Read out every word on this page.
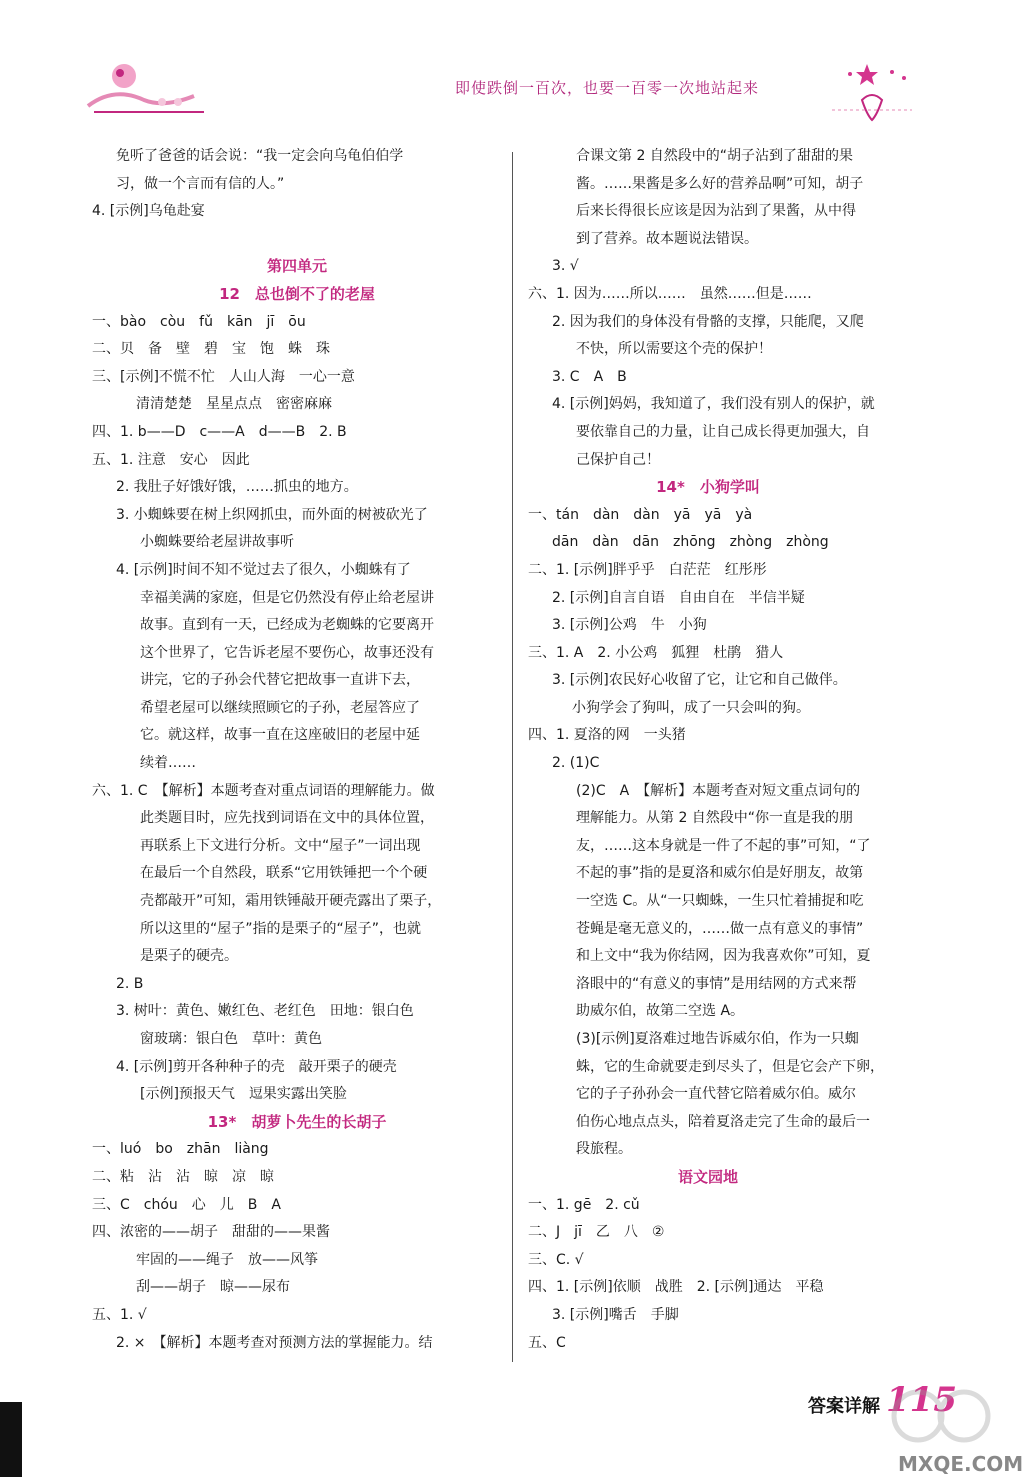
即使跌倒一百次，也要一百零一次地站起来
免听了爸爸的话会说：“我一定会向乌龟伯伯学
习，做一个言而有信的人。”
4. [示例]乌龟赴宴
第四单元
12　总也倒不了的老屋
一、bào　còu　fǔ　kān　jī　ōu
二、贝　备　壁　碧　宝　饱　蛛　珠
三、[示例]不慌不忙　人山人海　一心一意
清清楚楚　星星点点　密密麻麻
四、1. b——D　c——A　d——B　2. B
五、1. 注意　安心　因此
2. 我肚子好饿好饿，……抓虫的地方。
3. 小蜘蛛要在树上织网抓虫，而外面的树被砍光了
小蜘蛛要给老屋讲故事听
4. [示例]时间不知不觉过去了很久，小蜘蛛有了
幸福美满的家庭，但是它仍然没有停止给老屋讲
故事。直到有一天，已经成为老蜘蛛的它要离开
这个世界了，它告诉老屋不要伤心，故事还没有
讲完，它的子孙会代替它把故事一直讲下去，
希望老屋可以继续照顾它的子孙，老屋答应了
它。就这样，故事一直在这座破旧的老屋中延
续着……
六、1. C　【解析】本题考查对重点词语的理解能力。做
此类题目时，应先找到词语在文中的具体位置，
再联系上下文进行分析。文中“屋子”一词出现
在最后一个自然段，联系“它用铁锤把一个个硬
壳都敲开”可知，霜用铁锤敲开硬壳露出了栗子，
所以这里的“屋子”指的是栗子的“屋子”，也就
是栗子的硬壳。
2. B
3. 树叶：黄色、嫩红色、老红色　田地：银白色
窗玻璃：银白色　草叶：黄色
4. [示例]剪开各种种子的壳　敲开栗子的硬壳
[示例]预报天气　逗果实露出笑脸
13*　胡萝卜先生的长胡子
一、luó　bo　zhān　liàng
二、粘　沾　沾　晾　凉　晾
三、C　chóu　心　儿　B　A
四、浓密的——胡子　甜甜的——果酱
牢固的——绳子　放——风筝
刮——胡子　晾——尿布
五、1. √
2. ×　【解析】本题考查对预测方法的掌握能力。结
合课文第 2 自然段中的“胡子沾到了甜甜的果
酱。……果酱是多么好的营养品啊”可知，胡子
后来长得很长应该是因为沾到了果酱，从中得
到了营养。故本题说法错误。
3. √
六、1. 因为……所以……　虽然……但是……
2. 因为我们的身体没有骨骼的支撑，只能爬，又爬
不快，所以需要这个壳的保护！
3. C　A　B
4. [示例]妈妈，我知道了，我们没有别人的保护，就
要依靠自己的力量，让自己成长得更加强大，自
己保护自己！
14*　小狗学叫
一、tán　dàn　dàn　yā　yā　yà
dān　dàn　dān　zhōng　zhòng　zhòng
二、1. [示例]胖乎乎　白茫茫　红彤彤
2. [示例]自言自语　自由自在　半信半疑
3. [示例]公鸡　牛　小狗
三、1. A　2. 小公鸡　狐狸　杜鹃　猎人
3. [示例]农民好心收留了它，让它和自己做伴。
小狗学会了狗叫，成了一只会叫的狗。
四、1. 夏洛的网　一头猪
2. (1)C
(2)C　A　【解析】本题考查对短文重点词句的
理解能力。从第 2 自然段中“你一直是我的朋
友，……这本身就是一件了不起的事”可知，“了
不起的事”指的是夏洛和威尔伯是好朋友，故第
一空选 C。从“一只蜘蛛，一生只忙着捕捉和吃
苍蝇是毫无意义的，……做一点有意义的事情”
和上文中“我为你结网，因为我喜欢你”可知，夏
洛眼中的“有意义的事情”是用结网的方式来帮
助威尔伯，故第二空选 A。
(3)[示例]夏洛难过地告诉威尔伯，作为一只蜘
蛛，它的生命就要走到尽头了，但是它会产下卵，
它的子子孙孙会一直代替它陪着威尔伯。威尔
伯伤心地点点头，陪着夏洛走完了生命的最后一
段旅程。
语文园地
一、1. gē　2. cǔ
二、J　jī　乙　八　②
三、C. √
四、1. [示例]依顺　战胜　2. [示例]通达　平稳
3. [示例]嘴舌　手脚
五、C
答案详解 115
MXQE.COM
